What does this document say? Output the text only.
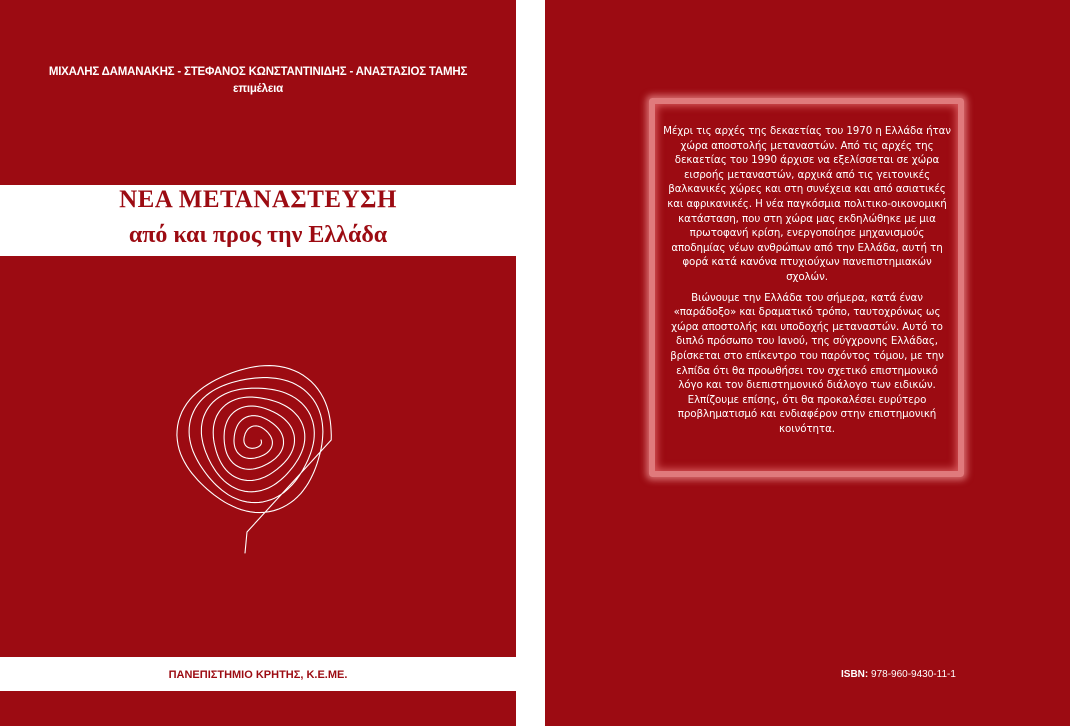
ΜΙΧΑΛΗΣ ΔΑΜΑΝΑΚΗΣ - ΣΤΕΦΑΝΟΣ ΚΩΝΣΤΑΝΤΙΝΙΔΗΣ - ΑΝΑΣΤΑΣΙΟΣ ΤΑΜΗΣ
επιμέλεια
ΝΕΑ ΜΕΤΑΝΑΣΤΕΥΣΗ
από και προς την Ελλάδα
ΠΑΝΕΠΙΣΤΗΜΙΟ ΚΡΗΤΗΣ, Κ.Ε.ΜΕ.

Μέχρι τις αρχές της δεκαετίας του 1970 η Ελλάδα ήταν χώρα αποστολής μεταναστών. Από τις αρχές της δεκαετίας του 1990 άρχισε να εξελίσσεται σε χώρα εισροής μεταναστών, αρχικά από τις γειτονικές βαλκανικές χώρες και στη συνέχεια και από ασιατικές και αφρικανικές. Η νέα παγκόσμια πολιτικο-οικονομική κατάσταση, που στη χώρα μας εκδηλώθηκε με μια πρωτοφανή κρίση, ενεργοποίησε μηχανισμούς αποδημίας νέων ανθρώπων από την Ελλάδα, αυτή τη φορά κατά κανόνα πτυχιούχων πανεπιστημιακών σχολών.

Βιώνουμε την Ελλάδα του σήμερα, κατά έναν «παράδοξο» και δραματικό τρόπο, ταυτοχρόνως ως χώρα αποστολής και υποδοχής μεταναστών. Αυτό το διπλό πρόσωπο του Ιανού, της σύγχρονης Ελλάδας, βρίσκεται στο επίκεντρο του παρόντος τόμου, με την ελπίδα ότι θα προωθήσει τον σχετικό επιστημονικό λόγο και τον διεπιστημονικό διάλογο των ειδικών. Ελπίζουμε επίσης, ότι θα προκαλέσει ευρύτερο προβληματισμό και ενδιαφέρον στην επιστημονική κοινότητα.

ISBN: 978-960-9430-11-1
